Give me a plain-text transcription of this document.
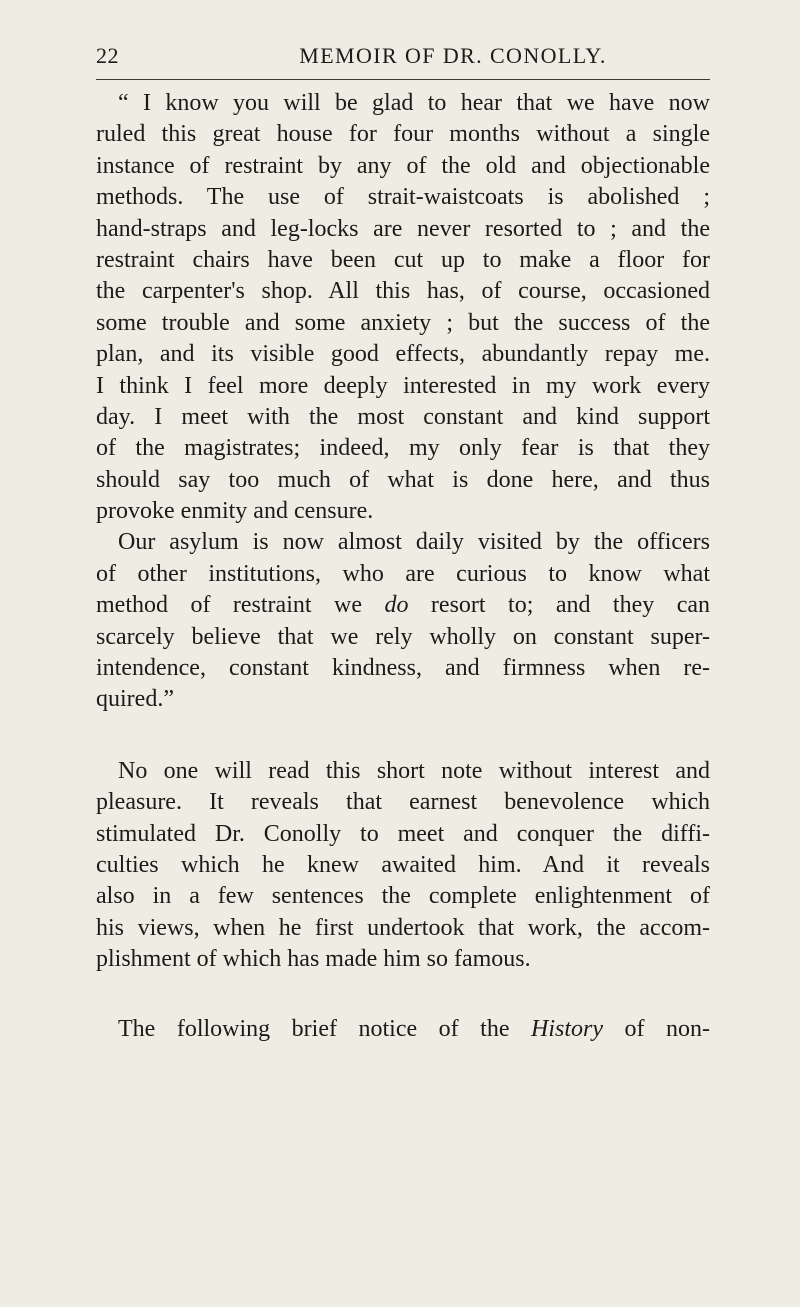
22	MEMOIR OF DR. CONOLLY.
“ I know you will be glad to hear that we have now
ruled this great house for four months without a single
instance of restraint by any of the old and objectionable
methods. The use of strait-waistcoats is abolished ;
hand-straps and leg-locks are never resorted to ; and the
restraint chairs have been cut up to make a floor for
the carpenter's shop. All this has, of course, occasioned
some trouble and some anxiety ; but the success of the
plan, and its visible good effects, abundantly repay me.
I think I feel more deeply interested in my work every
day. I meet with the most constant and kind support
of the magistrates; indeed, my only fear is that they
should say too much of what is done here, and thus
provoke enmity and censure.
Our asylum is now almost daily visited by the officers
of other institutions, who are curious to know what
method of restraint we do resort to; and they can
scarcely believe that we rely wholly on constant super-
intendence, constant kindness, and firmness when re-
quired.”
No one will read this short note without interest and
pleasure. It reveals that earnest benevolence which
stimulated Dr. Conolly to meet and conquer the diffi-
culties which he knew awaited him. And it reveals
also in a few sentences the complete enlightenment of
his views, when he first undertook that work, the accom-
plishment of which has made him so famous.
The following brief notice of the History of non-
